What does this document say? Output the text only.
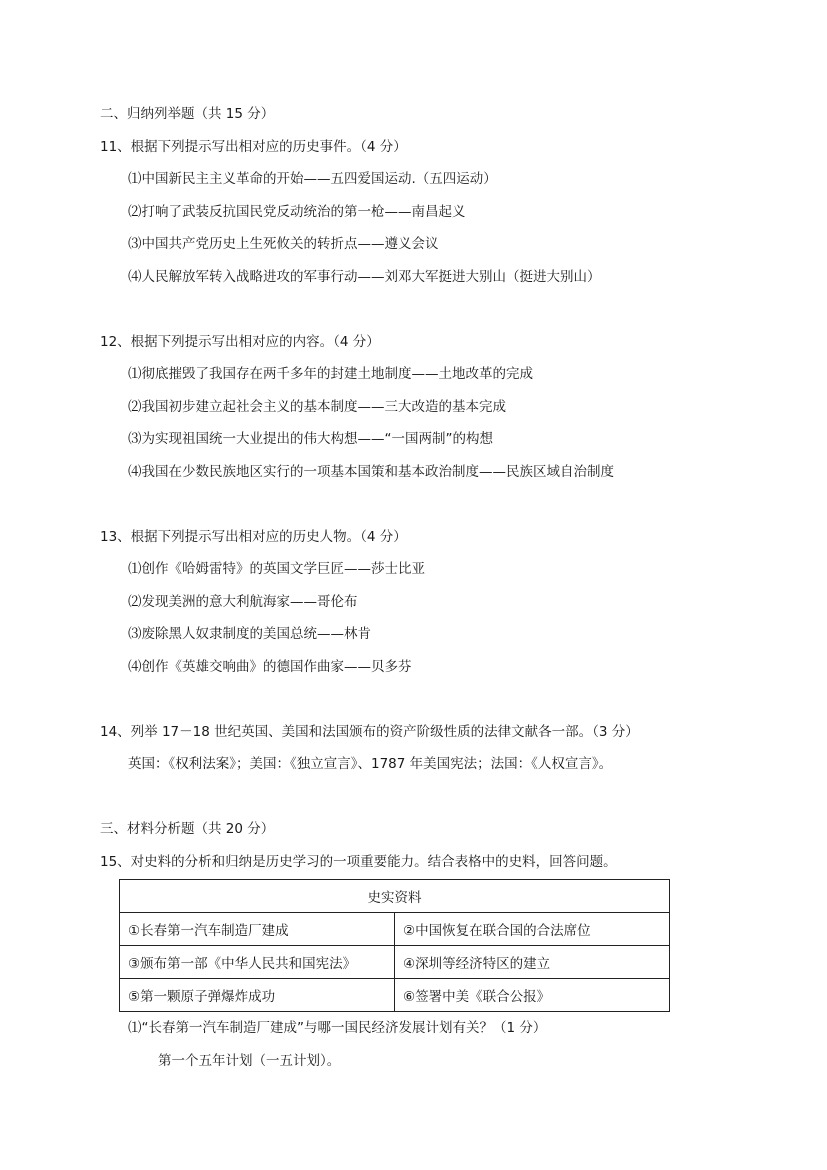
二、归纳列举题（共 15 分）
11、根据下列提示写出相对应的历史事件。（4 分）
⑴中国新民主主义革命的开始——五四爱国运动.（五四运动）
⑵打响了武装反抗国民党反动统治的第一枪——南昌起义
⑶中国共产党历史上生死攸关的转折点——遵义会议
⑷人民解放军转入战略进攻的军事行动——刘邓大军挺进大别山（挺进大别山）
12、根据下列提示写出相对应的内容。（4 分）
⑴彻底摧毁了我国存在两千多年的封建土地制度——土地改革的完成
⑵我国初步建立起社会主义的基本制度——三大改造的基本完成
⑶为实现祖国统一大业提出的伟大构想——“一国两制”的构想
⑷我国在少数民族地区实行的一项基本国策和基本政治制度——民族区域自治制度
13、根据下列提示写出相对应的历史人物。（4 分）
⑴创作《哈姆雷特》的英国文学巨匠——莎士比亚
⑵发现美洲的意大利航海家——哥伦布
⑶废除黑人奴隶制度的美国总统——林肯
⑷创作《英雄交响曲》的德国作曲家——贝多芬
14、列举 17－18 世纪英国、美国和法国颁布的资产阶级性质的法律文献各一部。（3 分）
英国：《权利法案》；美国：《独立宣言》、1787 年美国宪法；法国：《人权宣言》。
三、材料分析题（共 20 分）
15、对史料的分析和归纳是历史学习的一项重要能力。结合表格中的史料，回答问题。
史实资料	
①长春第一汽车制造厂建成	②中国恢复在联合国的合法席位
③颁布第一部《中华人民共和国宪法》	④深圳等经济特区的建立
⑤第一颗原子弹爆炸成功	⑥签署中美《联合公报》
⑴“长春第一汽车制造厂建成”与哪一国民经济发展计划有关？（1 分）
第一个五年计划（一五计划）。
